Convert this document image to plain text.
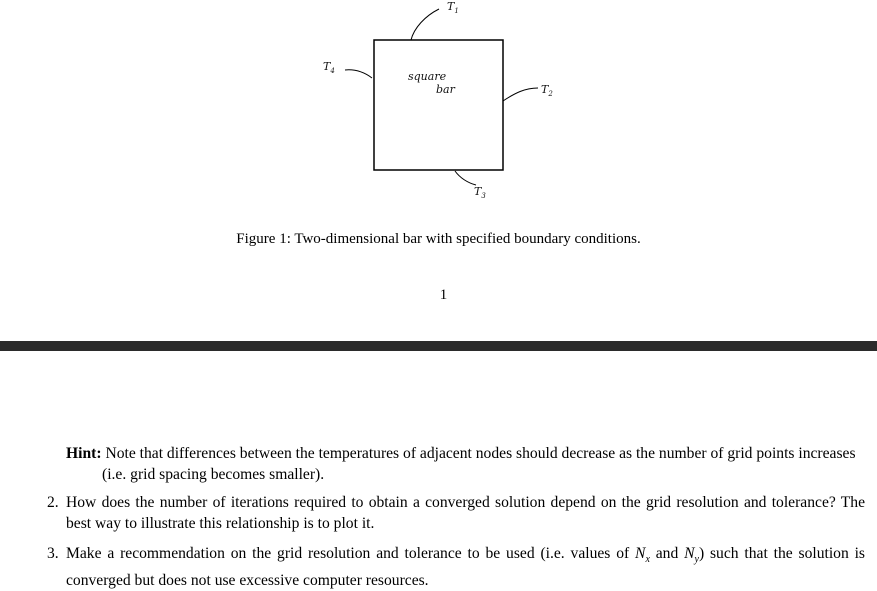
square
bar
$T_1$
$T_2$
$T_3$
$T_4$
Figure 1: Two-dimensional bar with specified boundary conditions.
1
Hint: Note that differences between the temperatures of adjacent nodes should decrease as the number of grid points increases (i.e. grid spacing becomes smaller).
2. How does the number of iterations required to obtain a converged solution depend on the grid resolution and tolerance? The best way to illustrate this relationship is to plot it.
3. Make a recommendation on the grid resolution and tolerance to be used (i.e. values of $N_x$ and $N_y$) such that the solution is converged but does not use excessive computer resources.
